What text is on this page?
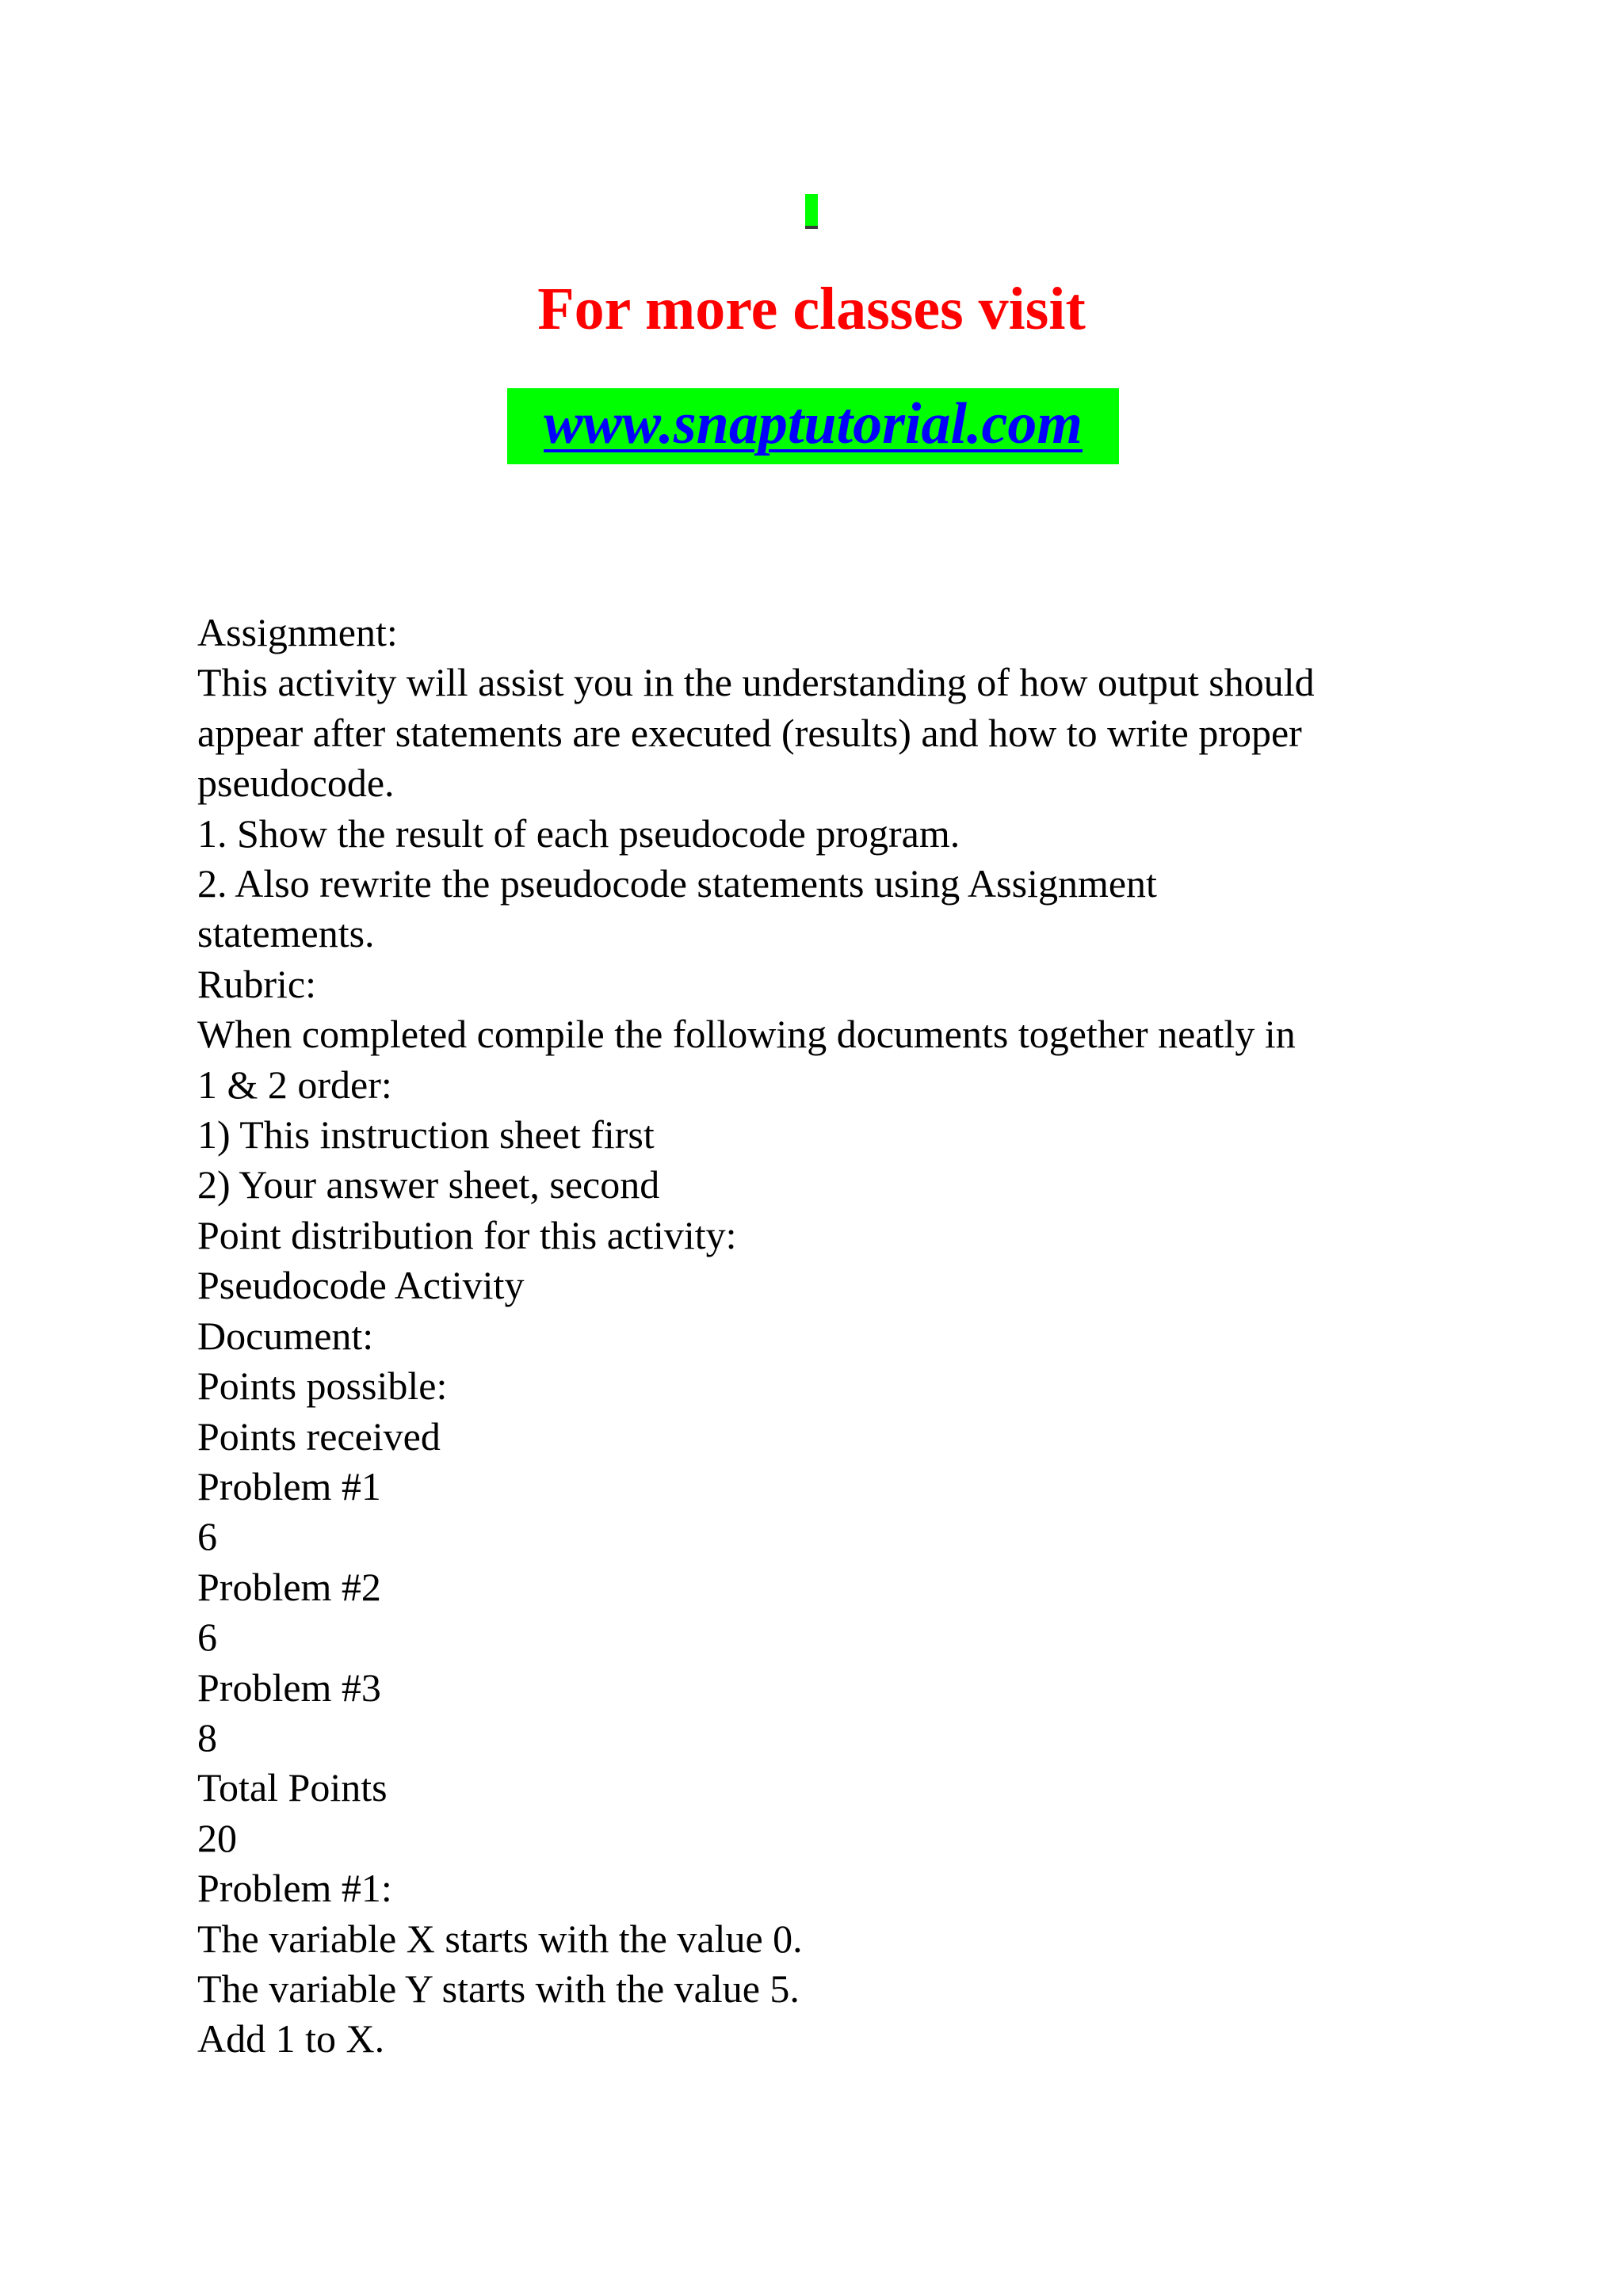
For more classes visit
www.snaptutorial.com
Assignment:
This activity will assist you in the understanding of how output should
appear after statements are executed (results) and how to write proper
pseudocode.
1. Show the result of each pseudocode program.
2. Also rewrite the pseudocode statements using Assignment
statements.
Rubric:
When completed compile the following documents together neatly in
1 & 2 order:
1) This instruction sheet first
2) Your answer sheet, second
Point distribution for this activity:
Pseudocode Activity
Document:
Points possible:
Points received
Problem #1
6
Problem #2
6
Problem #3
8
Total Points
20
Problem #1:
The variable X starts with the value 0.
The variable Y starts with the value 5.
Add 1 to X.
